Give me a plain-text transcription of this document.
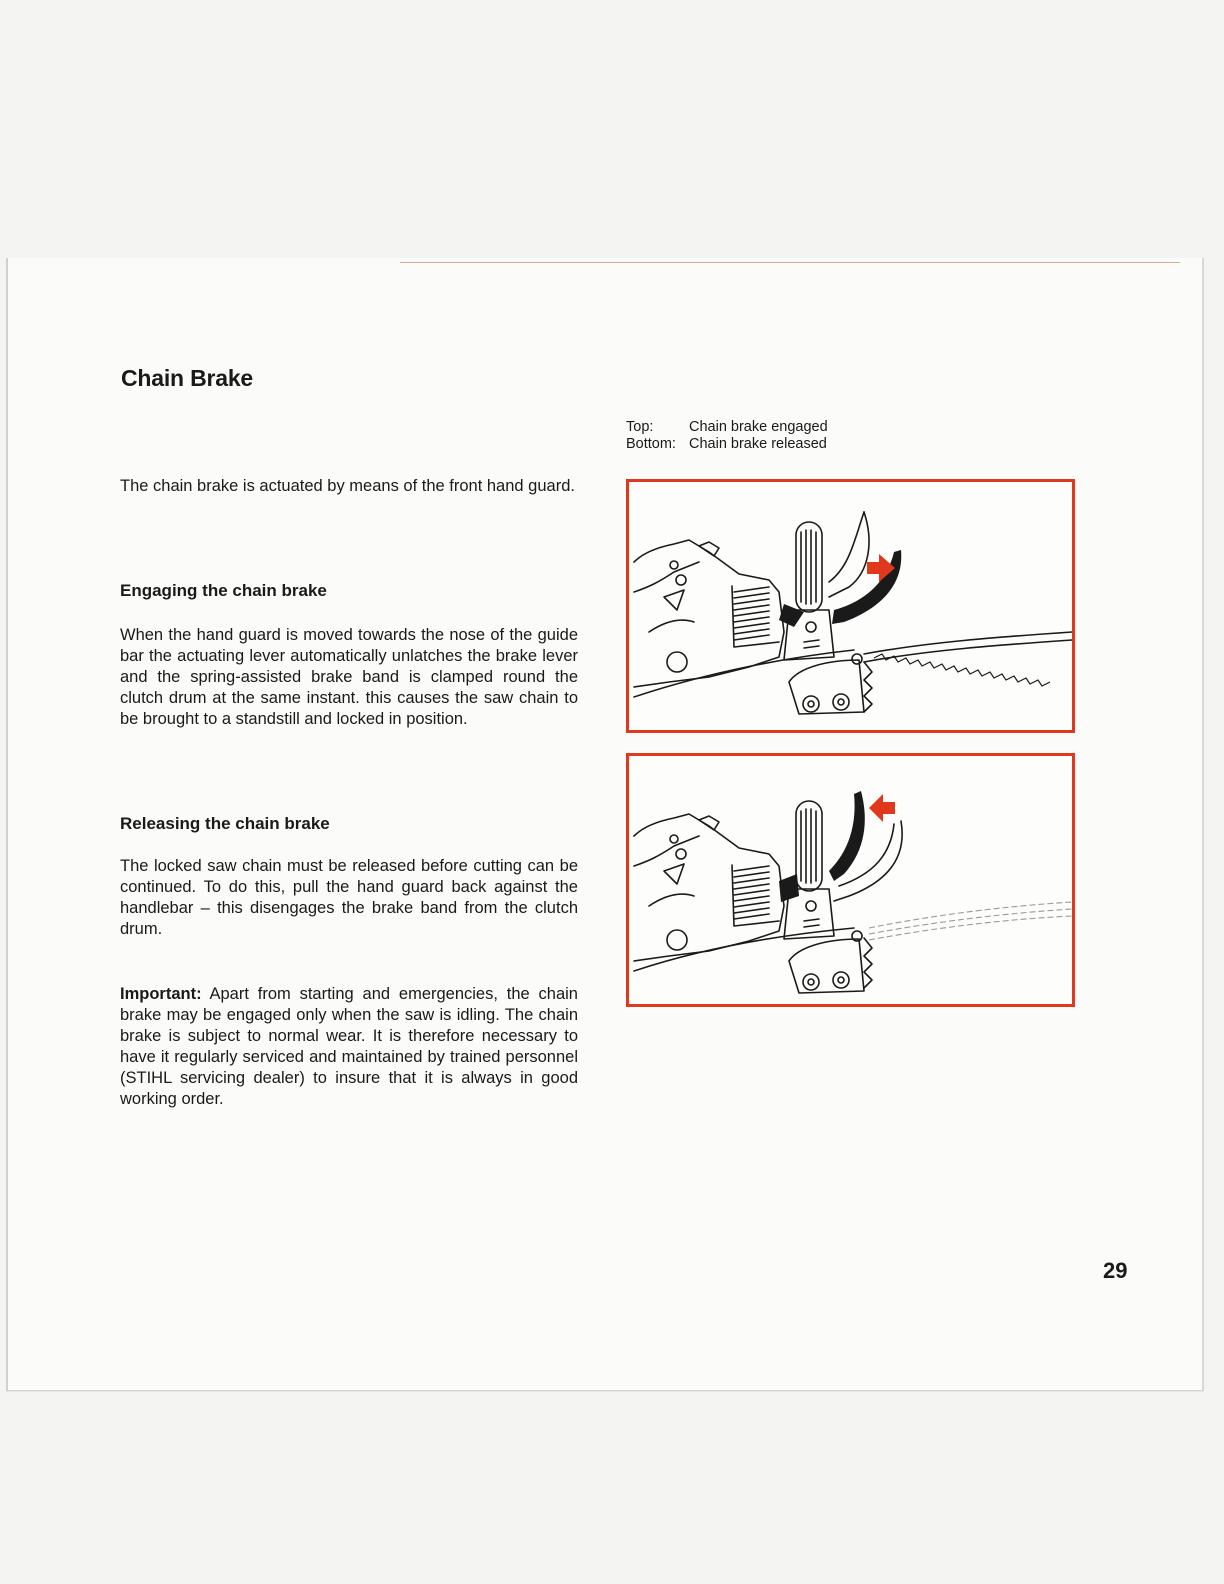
Chain Brake
The chain brake is actuated by means of the front hand guard.
Engaging the chain brake
When the hand guard is moved towards the nose of the guide bar the actuating lever automatically unlatches the brake lever and the spring-assisted brake band is clamped round the clutch drum at the same instant. this causes the saw chain to be brought to a standstill and locked in position.
Releasing the chain brake
The locked saw chain must be released before cutting can be continued. To do this, pull the hand guard back against the handlebar – this disengages the brake band from the clutch drum.
Important: Apart from starting and emergencies, the chain brake may be engaged only when the saw is idling. The chain brake is subject to normal wear. It is therefore necessary to have it regularly serviced and maintained by trained personnel (STIHL servicing dealer) to insure that it is always in good working order.
Top:	Chain brake engaged
Bottom: Chain brake released
29
